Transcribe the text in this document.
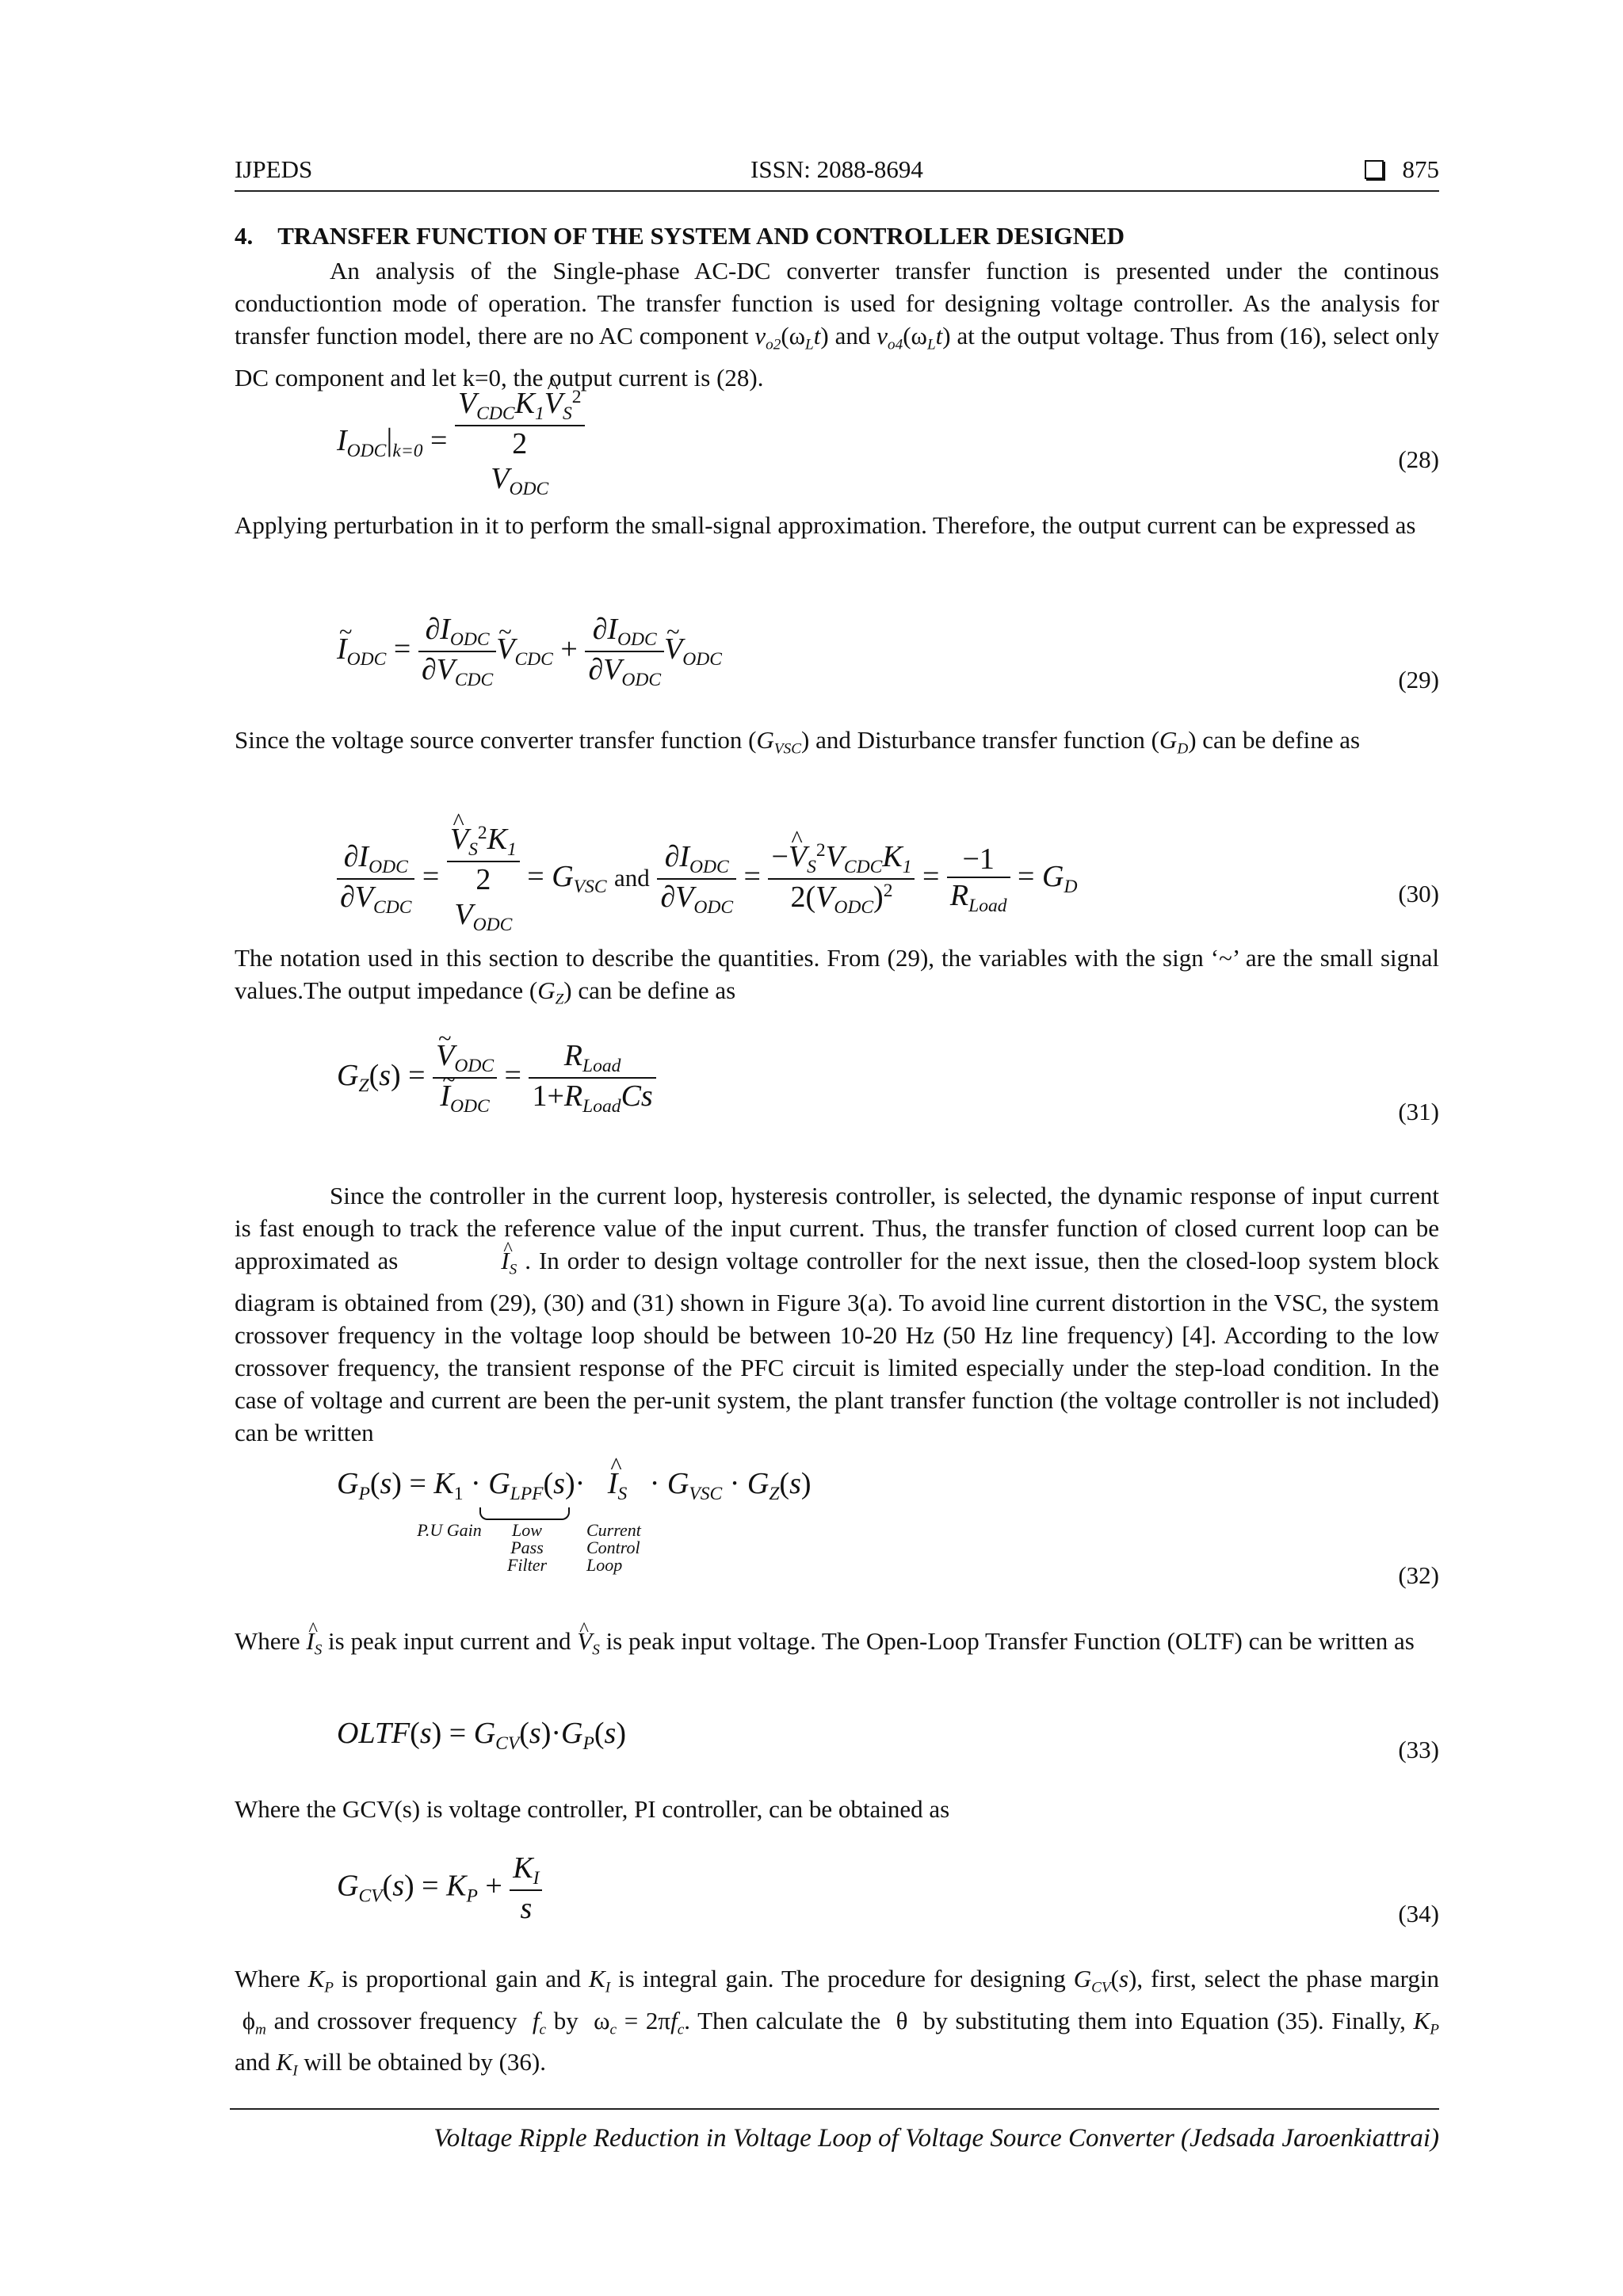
IJPEDS	ISSN: 2088-8694	875
4.    TRANSFER FUNCTION OF THE SYSTEM AND CONTROLLER DESIGNED
An analysis of the Single-phase AC-DC converter transfer function is presented under the continous conductiontion mode of operation. The transfer function is used for designing voltage controller. As the analysis for transfer function model, there are no AC component $v_{o2}(\omega_Lt)$ and $v_{o4}(\omega_Lt)$ at the output voltage. Thus from (16), select only DC component and let k=0, the output current is (28).
$I_{ODC}|_{k=0}$ =
$V_{CDC}K_1\^{}$ $V_S^2$
2
$V_{ODC}$
(28)
Applying perturbation in it to perform the small-signal approximation. Therefore, the output current can be expressed as
~ $I_{ODC} = \frac{\partial I_{ODC}}{\partial V_{CDC}}$ ~ $V_{CDC} + \frac{\partial I_{ODC}}{\partial V_{ODC}}$ ~ $V_{ODC}$
(29)
Since the voltage source converter transfer function $(G_{VSC})$ and Disturbance transfer function $(G_D)$ can be define as
$\frac{\partial I_{ODC}}{\partial V_{CDC}}$ =
^ $V_S^2K_1$
2
$V_{ODC} = G_{VSC}$ and $\frac{\partial I_{ODC}}{\partial V_{ODC}} = \frac{-\^{} V_S^2V_{CDC}K_1}{2(V_{ODC})^2} = \frac{-1}{R_{Load}} = G_D$	(30)
The notation used in this section to describe the quantities. From (29), the variables with the sign ‘~’ are the small signal values.The output impedance $(G_Z)$ can be define as
$G_Z(s)$ = ~ $V_{ODC}$
~ $I_{ODC} = \frac{R_{Load}}{1+R_{Load}Cs}$	(31)
Since the controller in the current loop, hysteresis controller, is selected, the dynamic response of input current is fast enough to track the reference value of the input current. Thus, the transfer function of closed current loop can be approximated as	^ $I_S$ . In order to design voltage controller for the next issue, then the closed-loop system block diagram is obtained from (29), (30) and (31) shown in Figure 3(a). To avoid line current distortion in the VSC, the system crossover frequency in the voltage loop should be between 10-20 Hz (50 Hz line frequency) [4]. According to the low crossover frequency, the transient response of the PFC circuit is limited especially under the step-load condition. In the case of voltage and current are been the per-unit system, the plant transfer function (the voltage controller is not included) can be written
$G_P(s) = K_1 \cdot G_{LPF}(s)\cdot$ ^ $I_S \cdot G_{VSC} \cdot G_Z(s)$
P.U Gain	Low Pass Filter
Current Control Loop	(32)
Where ^ $I_S$ is peak input current and ^ $V_S$ is peak input voltage. The Open-Loop Transfer Function (OLTF) can be written as
OLTF(s) = $G_{CV}(s)\cdot G_P(s)$	(33)
Where the GCV(s) is voltage controller, PI controller, can be obtained as
$G_{CV}(s) = K_P + \frac{K_I}{s}$	(34)
Where $K_P$ is proportional gain and $K_I$ is integral gain. The procedure for designing $G_{CV}(s)$, first, select the phase margin  $\phi_m$ and crossover frequency  $f_c$ by  $\omega_c = 2\pi f_c$. Then calculate the  θ  by substituting them into Equation (35). Finally, $K_P$ and $K_I$ will be obtained by (36).
Voltage Ripple Reduction in Voltage Loop of Voltage Source Converter (Jedsada Jaroenkiattrai)
